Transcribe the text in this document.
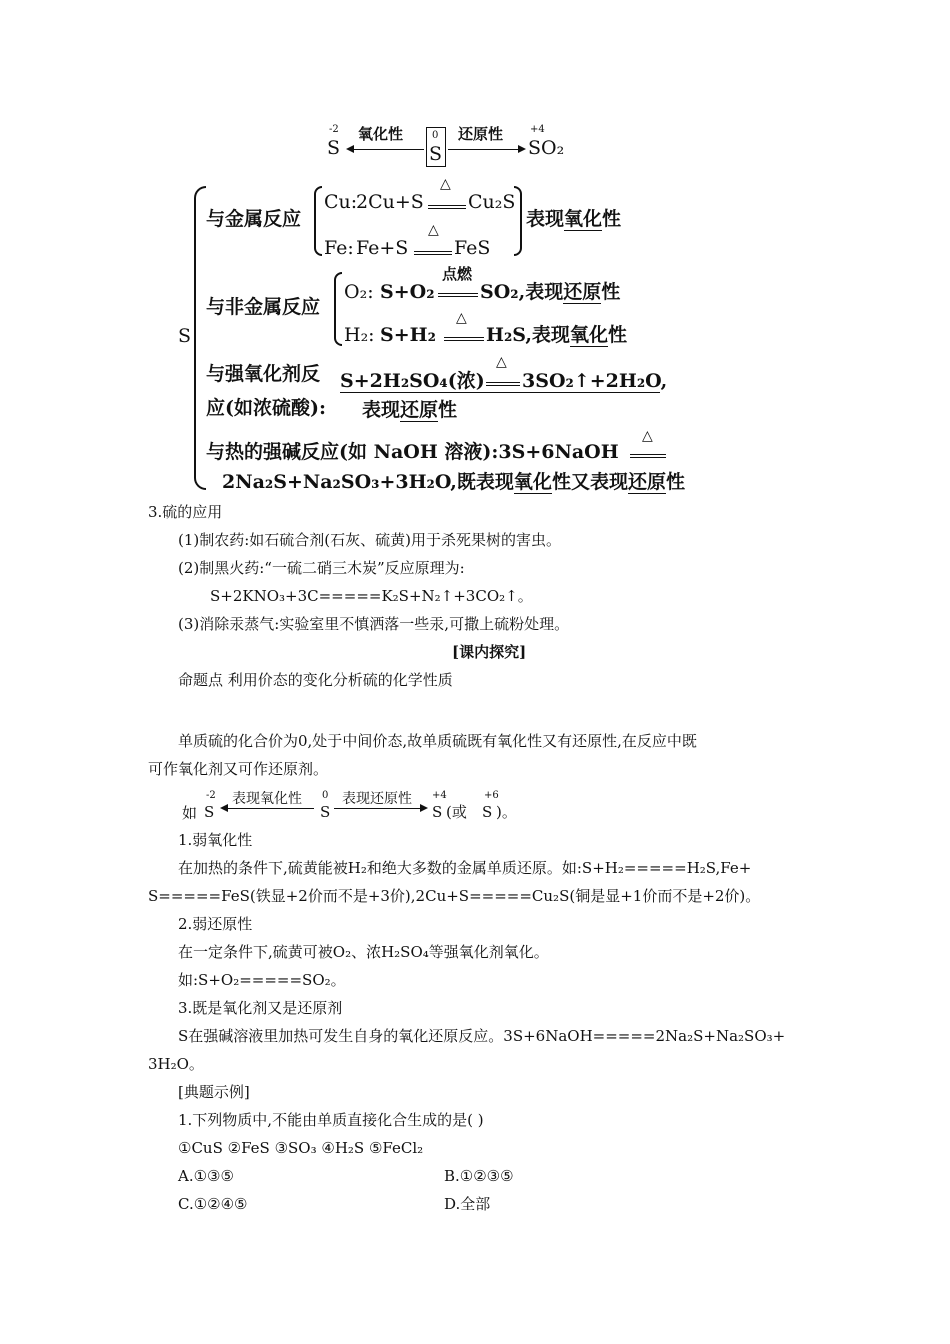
-2
S
氧化性	0
S
还原性	+4
SO₂
S
与金属反应
Cu:
2Cu+S
△
Cu₂S
Fe: Fe+S
△
FeS
表现氧化性
与非金属反应
O₂: S+O₂
点燃
SO₂,表现还原性
H₂: S+H₂
△
H₂S,表现氧化性
与强氧化剂反
应(如浓硫酸):
S+2H₂SO₄(浓)
△
3SO₂↑+2H₂O,
表现还原性
与热的强碱反应(如 NaOH 溶液):3S+6NaOH
△
2Na₂S+Na₂SO₃+3H₂O,既表现氧化性又表现还原性
3.硫的应用
(1)制农药:如石硫合剂(石灰、硫黄)用于杀死果树的害虫。
(2)制黑火药:“一硫二硝三木炭”反应原理为:
S+2KNO₃+3C=====K₂S+N₂↑+3CO₂↑。
(3)消除汞蒸气:实验室里不慎洒落一些汞,可撒上硫粉处理。
[课内探究]
命题点 利用价态的变化分析硫的化学性质
单质硫的化合价为0,处于中间价态,故单质硫既有氧化性又有还原性,在反应中既
可作氧化剂又可作还原剂。
如
-2
S
表现氧化性 0
S
表现还原性 +4
S (或
+6
S )。
1.弱氧化性
在加热的条件下,硫黄能被H₂和绝大多数的金属单质还原。如:S+H₂=====H₂S,Fe+
S=====FeS(铁显+2价而不是+3价),2Cu+S=====Cu₂S(铜是显+1价而不是+2价)。
2.弱还原性
在一定条件下,硫黄可被O₂、浓H₂SO₄等强氧化剂氧化。
如:S+O₂=====SO₂。
3.既是氧化剂又是还原剂
S在强碱溶液里加热可发生自身的氧化还原反应。3S+6NaOH=====2Na₂S+Na₂SO₃+
3H₂O。
[典题示例]
1.下列物质中,不能由单质直接化合生成的是( )
①CuS ②FeS ③SO₃ ④H₂S ⑤FeCl₂
A.①③⑤	B.①②③⑤
C.①②④⑤	D.全部
